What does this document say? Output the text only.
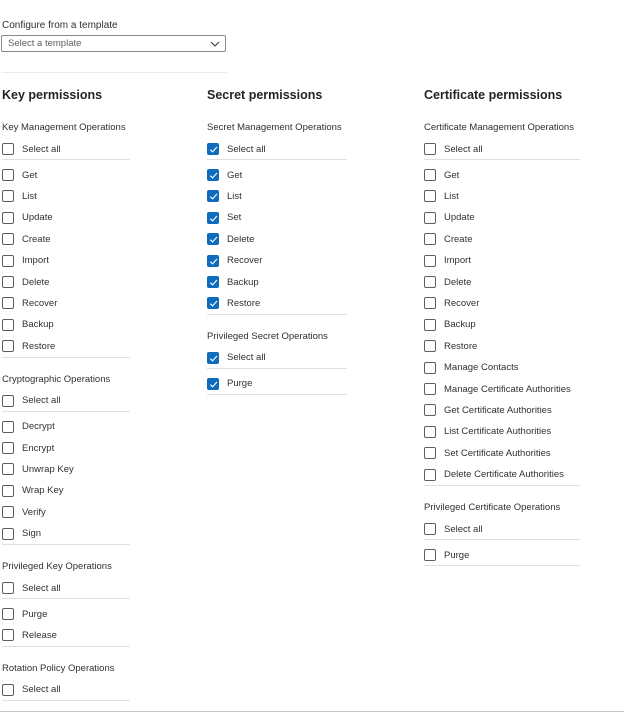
Configure from a template
Select a template
Key permissions
Key Management Operations
Select all
Get
List
Update
Create
Import
Delete
Recover
Backup
Restore
Cryptographic Operations
Select all
Decrypt
Encrypt
Unwrap Key
Wrap Key
Verify
Sign
Privileged Key Operations
Select all
Purge
Release
Rotation Policy Operations
Select all
Secret permissions
Secret Management Operations
Select all
Get
List
Set
Delete
Recover
Backup
Restore
Privileged Secret Operations
Select all
Purge
Certificate permissions
Certificate Management Operations
Select all
Get
List
Update
Create
Import
Delete
Recover
Backup
Restore
Manage Contacts
Manage Certificate Authorities
Get Certificate Authorities
List Certificate Authorities
Set Certificate Authorities
Delete Certificate Authorities
Privileged Certificate Operations
Select all
Purge
